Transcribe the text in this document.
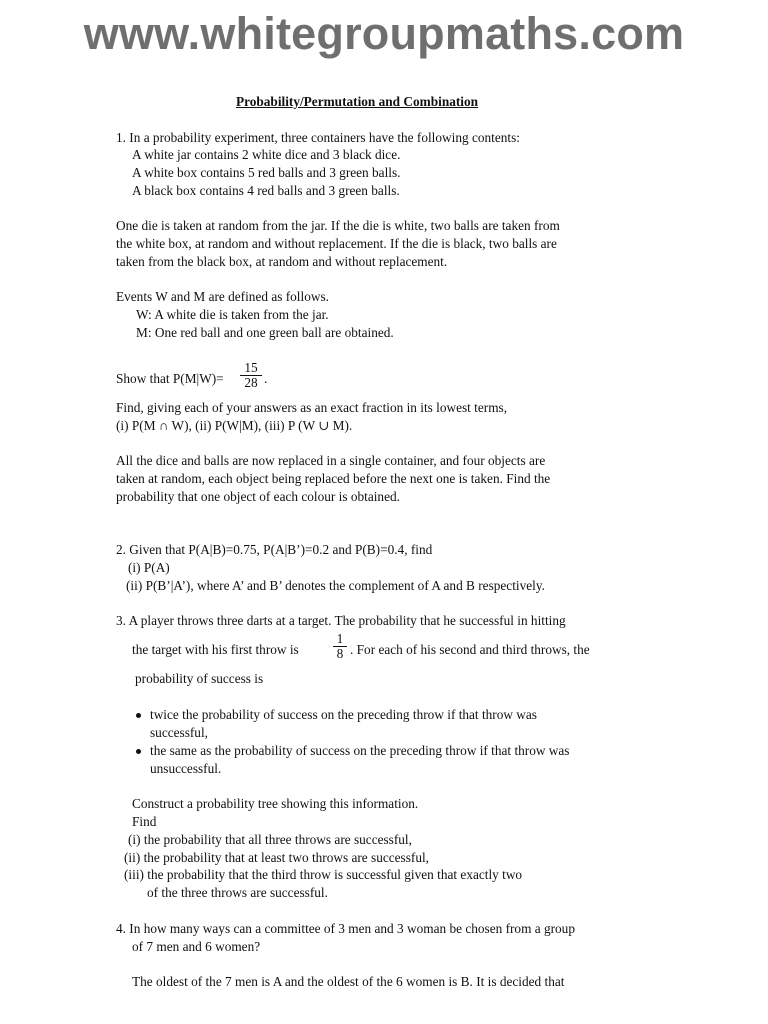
www.whitegroupmaths.com
Probability/Permutation and Combination
1. In a probability experiment, three containers have the following contents:
A white jar contains 2 white dice and 3 black dice.
A white box contains 5 red balls and 3 green balls.
A black box contains 4 red balls and 3 green balls.
One die is taken at random from the jar. If the die is white, two balls are taken from
the white box, at random and without replacement. If the die is black, two balls are
taken from the black box, at random and without replacement.
Events W and M are defined as follows.
W: A white die is taken from the jar.
M: One red ball and one green ball are obtained.
Show that $P(M|W)= \frac{15}{28}$ .
Find, giving each of your answers as an exact fraction in its lowest terms,
(i) P(M ∩ W), (ii) P(W|M), (iii) P (W ∪ M).
All the dice and balls are now replaced in a single container, and four objects are
taken at random, each object being replaced before the next one is taken. Find the
probability that one object of each colour is obtained.
2. Given that P(A|B)=0.75, P(A|B’)=0.2 and P(B)=0.4, find
(i) P(A)
(ii) P(B’|A’), where A’ and B’ denotes the complement of A and B respectively.
3. A player throws three darts at a target. The probability that he successful in hitting
the target with his first throw is	$\frac{1}{8}$ . For each of his second and third throws, the
probability of success is
twice the probability of success on the preceding throw if that throw was
successful,
the same as the probability of success on the preceding throw if that throw was
unsuccessful.
Construct a probability tree showing this information.
Find
(i) the probability that all three throws are successful,
(ii) the probability that at least two throws are successful,
(iii) the probability that the third throw is successful given that exactly two
of the three throws are successful.
4. In how many ways can a committee of 3 men and 3 woman be chosen from a group
of 7 men and 6 women?
The oldest of the 7 men is A and the oldest of the 6 women is B. It is decided that
